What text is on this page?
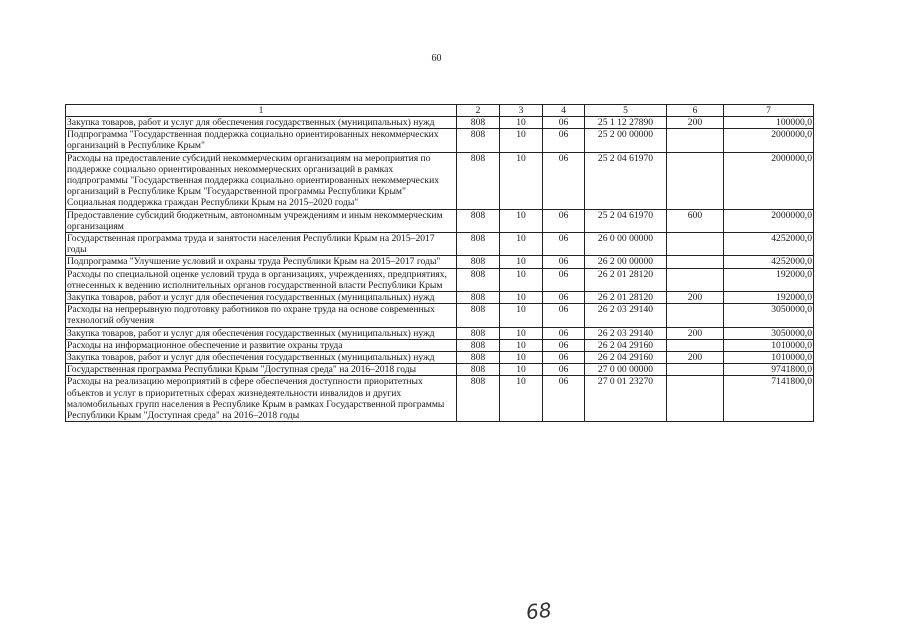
60
1	2	3	4	5	6	7
Закупка товаров, работ и услуг для обеспечения государственных (муниципальных) нужд	808	10	06	25 1 12 27890	200	100000,0
Подпрограмма "Государственная поддержка социально ориентированных некоммерческих организаций в Республике Крым"	808	10	06	25 2 00 00000		2000000,0
Расходы на предоставление субсидий некоммерческим организациям на мероприятия по поддержке социально ориентированных некоммерческих организаций в рамках подпрограммы "Государственная поддержка социально ориентированных некоммерческих организаций в Республике Крым "Государственной программы Республики Крым" Социальная поддержка граждан Республики Крым на 2015–2020 годы"	808	10	06	25 2 04 61970		2000000,0
Предоставление субсидий бюджетным, автономным учреждениям и иным некоммерческим организациям	808	10	06	25 2 04 61970	600	2000000,0
Государственная программа труда и занятости населения Республики Крым на 2015–2017 годы	808	10	06	26 0 00 00000		4252000,0
Подпрограмма "Улучшение условий и охраны труда Республики Крым на 2015–2017 годы"	808	10	06	26 2 00 00000		4252000,0
Расходы по специальной оценке условий труда в организациях, учреждениях, предприятиях, отнесенных к ведению исполнительных органов государственной власти Республики Крым	808	10	06	26 2 01 28120		192000,0
Закупка товаров, работ и услуг для обеспечения государственных (муниципальных) нужд	808	10	06	26 2 01 28120	200	192000,0
Расходы на непрерывную подготовку работников по охране труда на основе современных технологий обучения	808	10	06	26 2 03 29140		3050000,0
Закупка товаров, работ и услуг для обеспечения государственных (муниципальных) нужд	808	10	06	26 2 03 29140	200	3050000,0
Расходы на информационное обеспечение и развитие охраны труда	808	10	06	26 2 04 29160		1010000,0
Закупка товаров, работ и услуг для обеспечения государственных (муниципальных) нужд	808	10	06	26 2 04 29160	200	1010000,0
Государственная программа Республики Крым "Доступная среда" на 2016–2018 годы	808	10	06	27 0 00 00000		9741800,0
Расходы на реализацию мероприятий в сфере обеспечения доступности приоритетных объектов и услуг в приоритетных сферах жизнедеятельности инвалидов и других маломобильных групп населения в Республике Крым в рамках Государственной программы Республики Крым "Доступная среда" на 2016–2018 годы	808	10	06	27 0 01 23270		7141800,0
68
